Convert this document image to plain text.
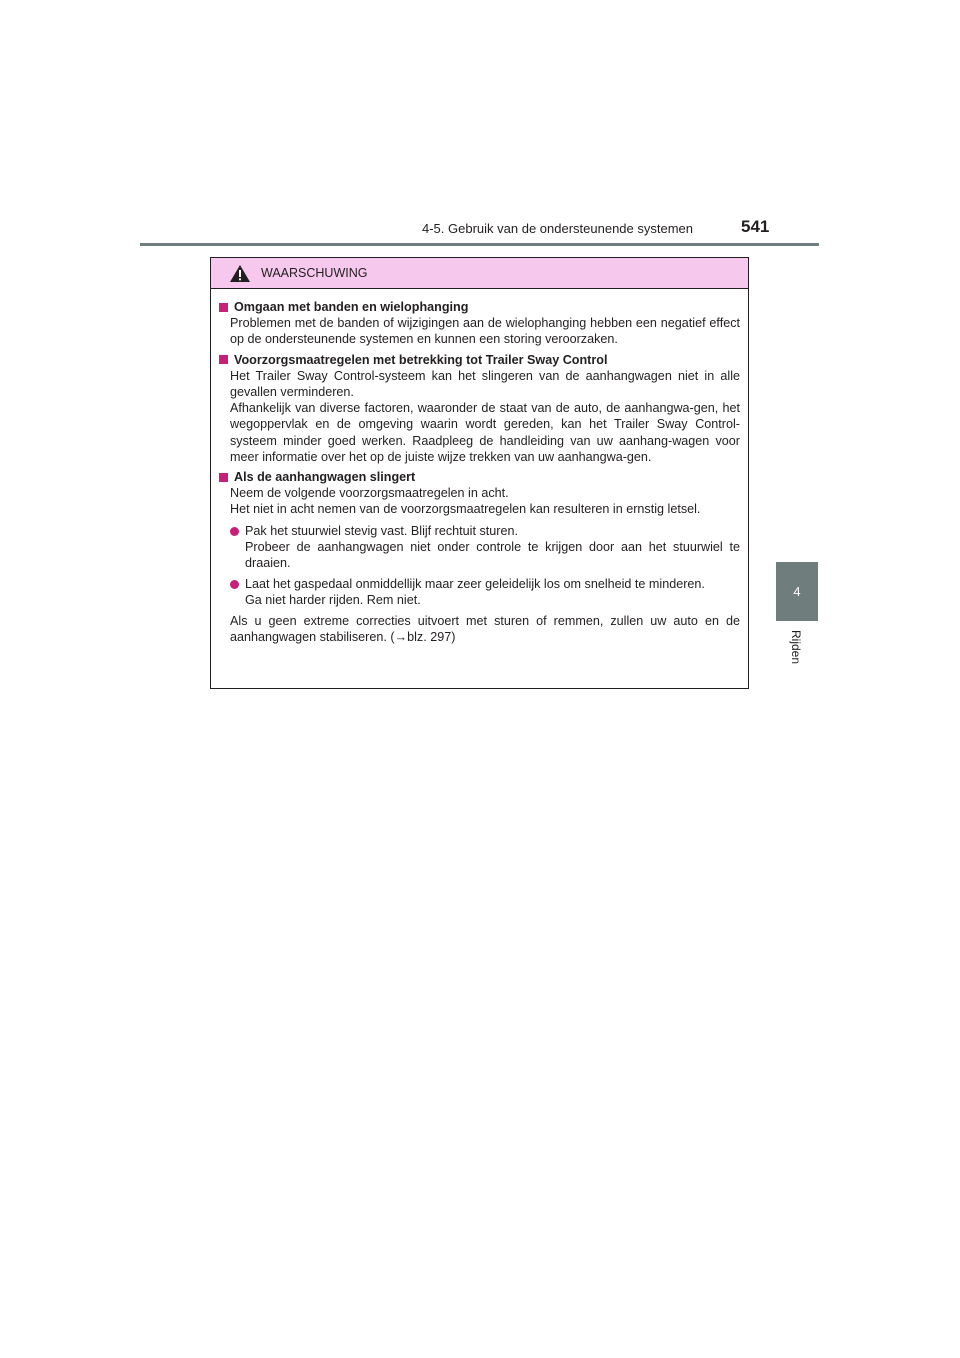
4-5. Gebruik van de ondersteunende systemen	541
4
Rijden
WAARSCHUWING
Omgaan met banden en wielophanging

Problemen met de banden of wijzigingen aan de wielophanging hebben een negatief effect op de ondersteunende systemen en kunnen een storing veroorzaken.

Voorzorgsmaatregelen met betrekking tot Trailer Sway Control

Het Trailer Sway Control-systeem kan het slingeren van de aanhangwagen niet in alle gevallen verminderen.

Afhankelijk van diverse factoren, waaronder de staat van de auto, de aanhangwa-gen, het wegoppervlak en de omgeving waarin wordt gereden, kan het Trailer Sway Control-systeem minder goed werken. Raadpleeg de handleiding van uw aanhang-wagen voor meer informatie over het op de juiste wijze trekken van uw aanhangwa-gen.

Als de aanhangwagen slingert

Neem de volgende voorzorgsmaatregelen in acht.

Het niet in acht nemen van de voorzorgsmaatregelen kan resulteren in ernstig letsel.

Pak het stuurwiel stevig vast. Blijf rechtuit sturen.

Probeer de aanhangwagen niet onder controle te krijgen door aan het stuurwiel te draaien.

Laat het gaspedaal onmiddellijk maar zeer geleidelijk los om snelheid te minderen.

Ga niet harder rijden. Rem niet.

Als u geen extreme correcties uitvoert met sturen of remmen, zullen uw auto en de aanhangwagen stabiliseren. (→blz. 297)
